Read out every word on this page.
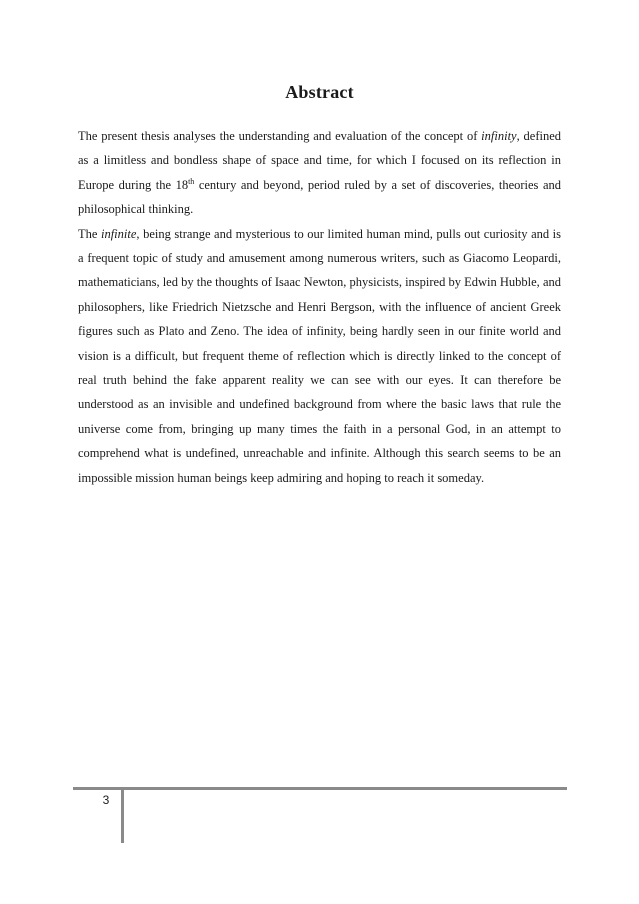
Abstract

The present thesis analyses the understanding and evaluation of the concept of infinity, defined as a limitless and bondless shape of space and time, for which I focused on its reflection in Europe during the 18th century and beyond, period ruled by a set of discoveries, theories and philosophical thinking.

The infinite, being strange and mysterious to our limited human mind, pulls out curiosity and is a frequent topic of study and amusement among numerous writers, such as Giacomo Leopardi, mathematicians, led by the thoughts of Isaac Newton, physicists, inspired by Edwin Hubble, and philosophers, like Friedrich Nietzsche and Henri Bergson, with the influence of ancient Greek figures such as Plato and Zeno. The idea of infinity, being hardly seen in our finite world and vision is a difficult, but frequent theme of reflection which is directly linked to the concept of real truth behind the fake apparent reality we can see with our eyes. It can therefore be understood as an invisible and undefined background from where the basic laws that rule the universe come from, bringing up many times the faith in a personal God, in an attempt to comprehend what is undefined, unreachable and infinite. Although this search seems to be an impossible mission human beings keep admiring and hoping to reach it someday.

3
